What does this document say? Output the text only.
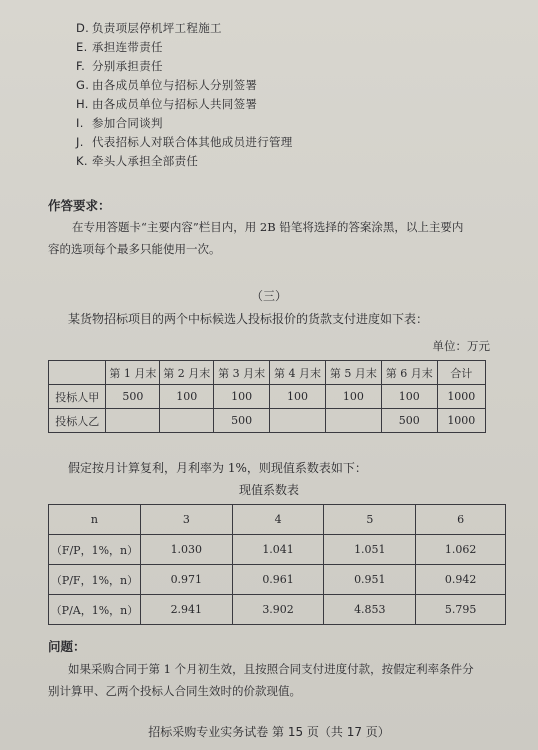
D. 负责项层停机坪工程施工
E. 承担连带责任
F. 分别承担责任
G. 由各成员单位与招标人分别签署
H. 由各成员单位与招标人共同签署
I. 参加合同谈判
J. 代表招标人对联合体其他成员进行管理
K. 牵头人承担全部责任
作答要求：
在专用答题卡“主要内容”栏目内，用 2B 铅笔将选择的答案涂黑，以上主要内
容的选项每个最多只能使用一次。
（三）
某货物招标项目的两个中标候选人投标报价的货款支付进度如下表：
单位：万元
	第 1 月末	第 2 月末	第 3 月末	第 4 月末	第 5 月末	第 6 月末	合计
投标人甲	500	100	100	100	100	100	1000
投标人乙			500			500	1000
假定按月计算复利，月利率为 1%，则现值系数表如下：
现值系数表
n	3	4	5	6
（F/P，1%，n）	1.030	1.041	1.051	1.062
（P/F，1%，n）	0.971	0.961	0.951	0.942
（P/A，1%，n）	2.941	3.902	4.853	5.795
问题：
如果采购合同于第 1 个月初生效，且按照合同支付进度付款，按假定利率条件分
别计算甲、乙两个投标人合同生效时的价款现值。
招标采购专业实务试卷 第 15 页（共 17 页）
